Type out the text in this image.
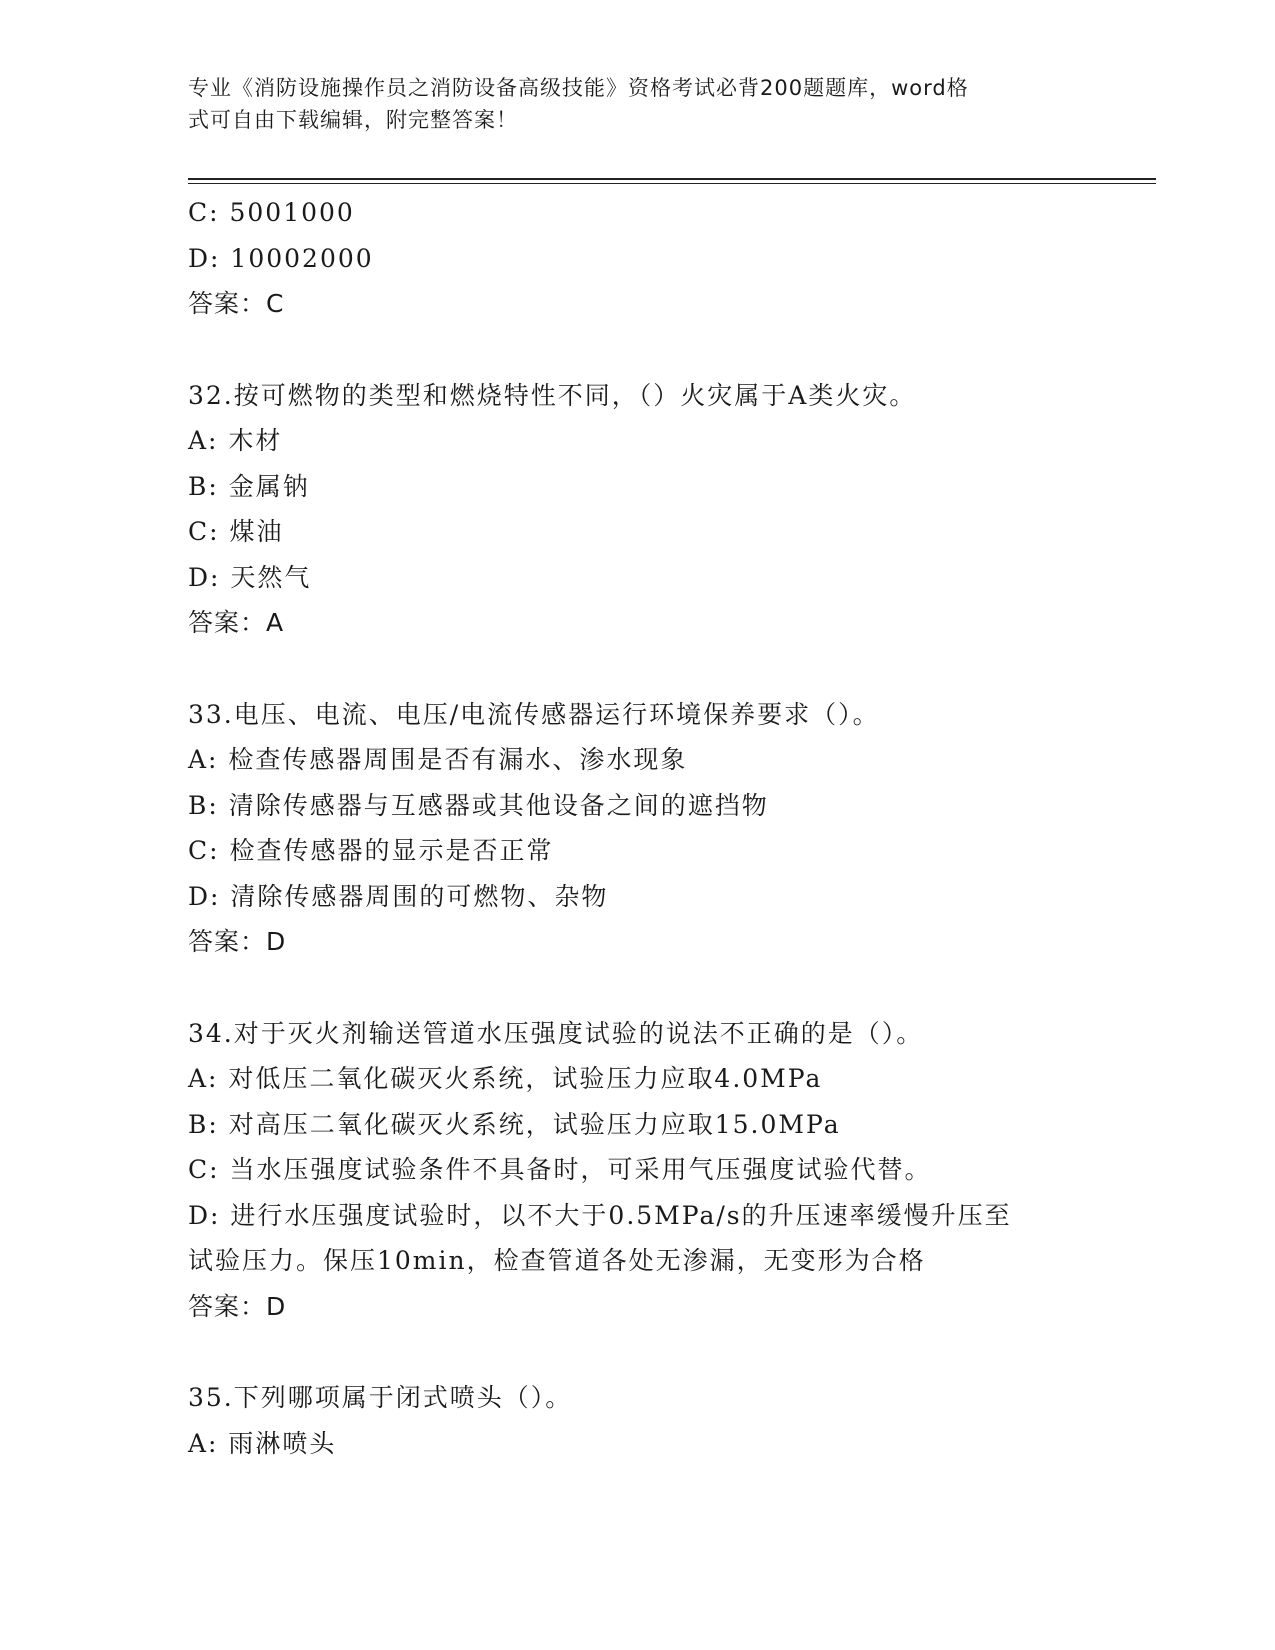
专业《消防设施操作员之消防设备高级技能》资格考试必背200题题库，word格
式可自由下载编辑，附完整答案！
C: 5001000
D: 10002000
答案：C
32.按可燃物的类型和燃烧特性不同，（）火灾属于A类火灾。
A: 木材
B: 金属钠
C: 煤油
D: 天然气
答案：A
33.电压、电流、电压/电流传感器运行环境保养要求（）。
A: 检查传感器周围是否有漏水、渗水现象
B: 清除传感器与互感器或其他设备之间的遮挡物
C: 检查传感器的显示是否正常
D: 清除传感器周围的可燃物、杂物
答案：D
34.对于灭火剂输送管道水压强度试验的说法不正确的是（）。
A: 对低压二氧化碳灭火系统，试验压力应取4.0MPa
B: 对高压二氧化碳灭火系统，试验压力应取15.0MPa
C: 当水压强度试验条件不具备时，可采用气压强度试验代替。
D: 进行水压强度试验时，以不大于0.5MPa/s的升压速率缓慢升压至
试验压力。保压10min，检查管道各处无渗漏，无变形为合格
答案：D
35.下列哪项属于闭式喷头（）。
A: 雨淋喷头
